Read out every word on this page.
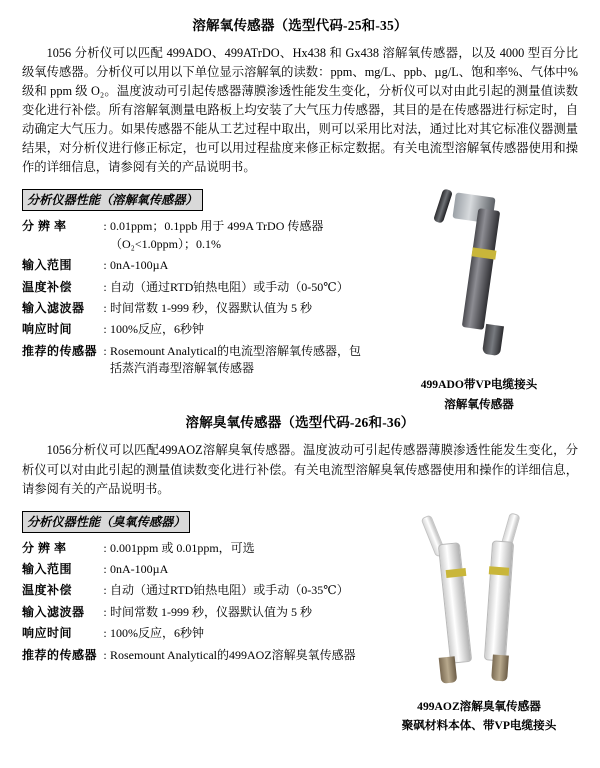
溶解氧传感器（选型代码-25和-35）

1056 分析仪可以匹配 499ADO、499ATrDO、Hx438 和 Gx438 溶解氧传感器，以及 4000 型百分比级氧传感器。分析仪可以用以下单位显示溶解氧的读数：ppm、mg/L、ppb、µg/L、饱和率%、气体中%级和 ppm 级 O₂。温度波动可引起传感器薄膜渗透性能发生变化，分析仪可以对由此引起的测量值读数变化进行补偿。所有溶解氧测量电路板上均安装了大气压力传感器，其目的是在传感器进行标定时，自动确定大气压力。如果传感器不能从工艺过程中取出，则可以采用比对法，通过比对其它标准仪器测量结果，对分析仪进行修正标定，也可以用过程盐度来修正标定数据。有关电流型溶解氧传感器使用和操作的详细信息，请参阅有关的产品说明书。

分析仪器性能（溶解氧传感器）
分 辨 率	:	0.01ppm；0.1ppb 用于 499A TrDO 传感器（O₂<1.0ppm）；0.1%
输入范围	:	0nA-100µA
温度补偿	:	自动（通过RTD铂热电阻）或手动（0-50℃）
输入滤波器	:	时间常数 1-999 秒，仪器默认值为 5 秒
响应时间	:	100%反应，6秒钟
推荐的传感器	:	Rosemount Analytical的电流型溶解氧传感器，包括蒸汽消毒型溶解氧传感器
499ADO带VP电缆接头
溶解氧传感器
溶解臭氧传感器（选型代码-26和-36）

1056分析仪可以匹配499AOZ溶解臭氧传感器。温度波动可引起传感器薄膜渗透性能发生变化，分析仪可以对由此引起的测量值读数变化进行补偿。有关电流型溶解臭氧传感器使用和操作的详细信息，请参阅有关的产品说明书。

分析仪器性能（臭氧传感器）
分 辨 率	:	0.001ppm 或 0.01ppm，可选
输入范围	:	0nA-100µA
温度补偿	:	自动（通过RTD铂热电阻）或手动（0-35℃）
输入滤波器	:	时间常数 1-999 秒，仪器默认值为 5 秒
响应时间	:	100%反应，6秒钟
推荐的传感器	:	Rosemount Analytical的499AOZ溶解臭氧传感器
499AOZ溶解臭氧传感器
聚砜材料本体、带VP电缆接头
